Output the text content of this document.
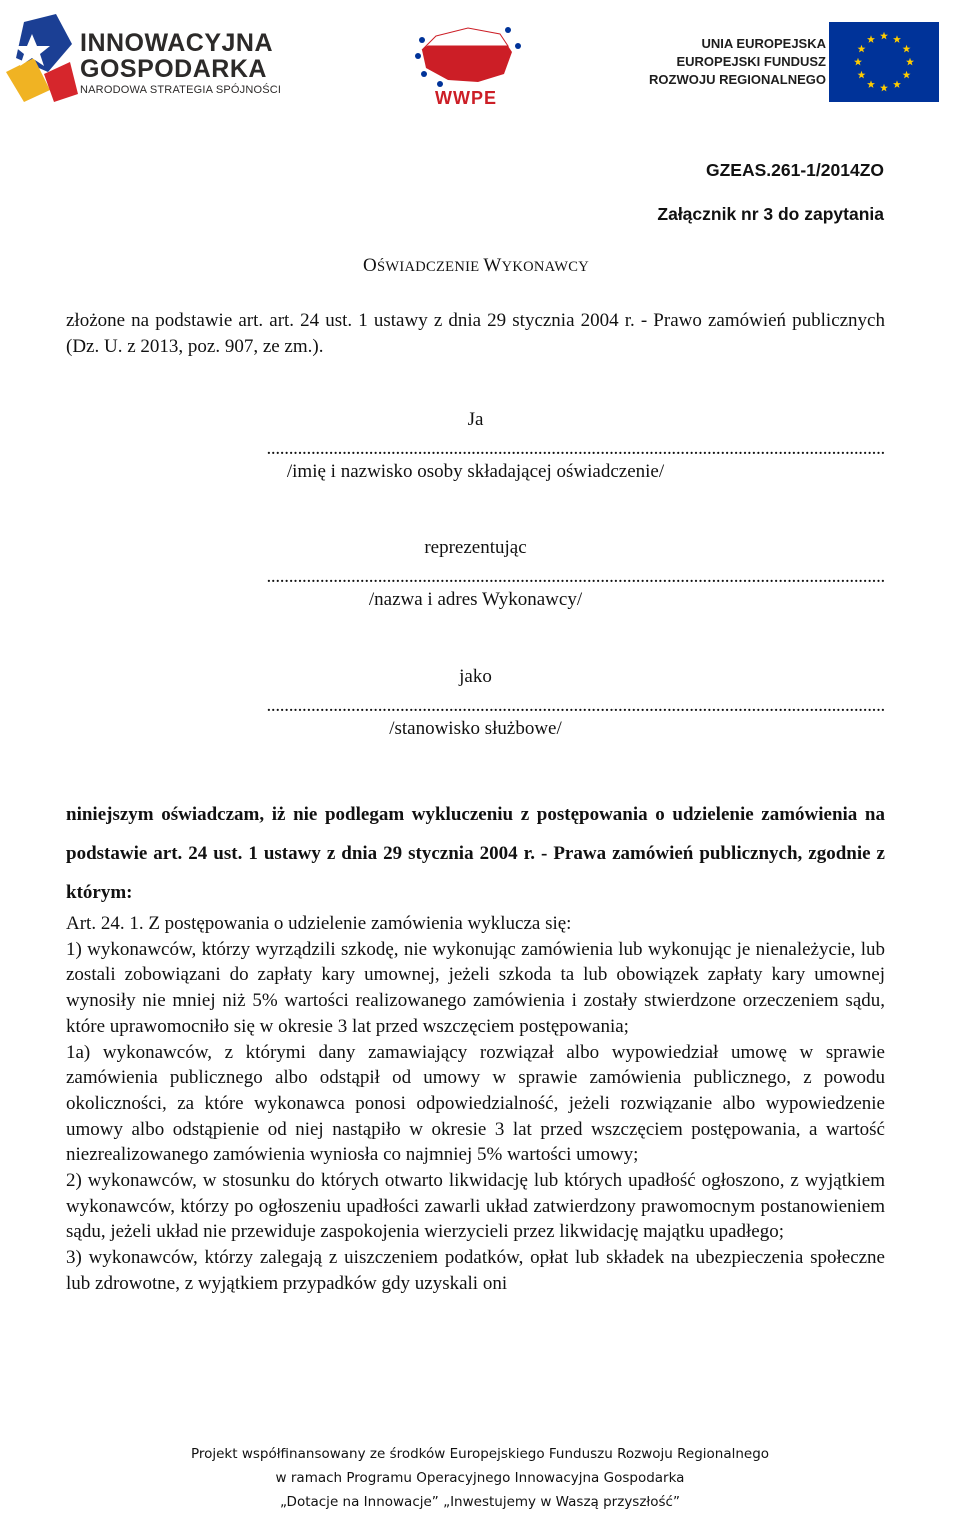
INNOWACYJNA
GOSPODARKA
NARODOWA STRATEGIA SPÓJNOŚCI	WWPE
UNIA EUROPEJSKA
EUROPEJSKI FUNDUSZ
ROZWOJU REGIONALNEGO
GZEAS.261-1/2014ZO
Załącznik nr 3 do zapytania
OŚWIADCZENIE WYKONAWCY
złożone na podstawie art. art. 24 ust. 1 ustawy z dnia 29 stycznia 2004 r. - Prawo zamówień publicznych (Dz. U. z 2013, poz. 907, ze zm.).
Ja
...........................................................................................................................................
/imię i nazwisko osoby składającej oświadczenie/
reprezentując
...........................................................................................................................................
/nazwa i adres Wykonawcy/
jako
...........................................................................................................................................
/stanowisko służbowe/
niniejszym oświadczam, iż nie podlegam wykluczeniu z postępowania o udzielenie zamówienia na podstawie art. 24 ust. 1 ustawy z dnia 29 stycznia 2004 r. - Prawa zamówień publicznych, zgodnie z którym:

Art. 24. 1. Z postępowania o udzielenie zamówienia wyklucza się:

1) wykonawców, którzy wyrządzili szkodę, nie wykonując zamówienia lub wykonując je nienależycie, lub zostali zobowiązani do zapłaty kary umownej, jeżeli szkoda ta lub obowiązek zapłaty kary umownej wynosiły nie mniej niż 5% wartości realizowanego zamówienia i zostały stwierdzone orzeczeniem sądu, które uprawomocniło się w okresie 3 lat przed wszczęciem postępowania;

1a) wykonawców, z którymi dany zamawiający rozwiązał albo wypowiedział umowę w sprawie zamówienia publicznego albo odstąpił od umowy w sprawie zamówienia publicznego, z powodu okoliczności, za które wykonawca ponosi odpowiedzialność, jeżeli rozwiązanie albo wypowiedzenie umowy albo odstąpienie od niej nastąpiło w okresie 3 lat przed wszczęciem postępowania, a wartość niezrealizowanego zamówienia wyniosła co najmniej 5% wartości umowy;

2) wykonawców, w stosunku do których otwarto likwidację lub których upadłość ogłoszono, z wyjątkiem wykonawców, którzy po ogłoszeniu upadłości zawarli układ zatwierdzony prawomocnym postanowieniem sądu, jeżeli układ nie przewiduje zaspokojenia wierzycieli przez likwidację majątku upadłego;

3) wykonawców, którzy zalegają z uiszczeniem podatków, opłat lub składek na ubezpieczenia społeczne lub zdrowotne, z wyjątkiem przypadków gdy uzyskali oni

Projekt współfinansowany ze środków Europejskiego Funduszu Rozwoju Regionalnego
w ramach Programu Operacyjnego Innowacyjna Gospodarka
„Dotacje na Innowacje” „Inwestujemy w Waszą przyszłość”
